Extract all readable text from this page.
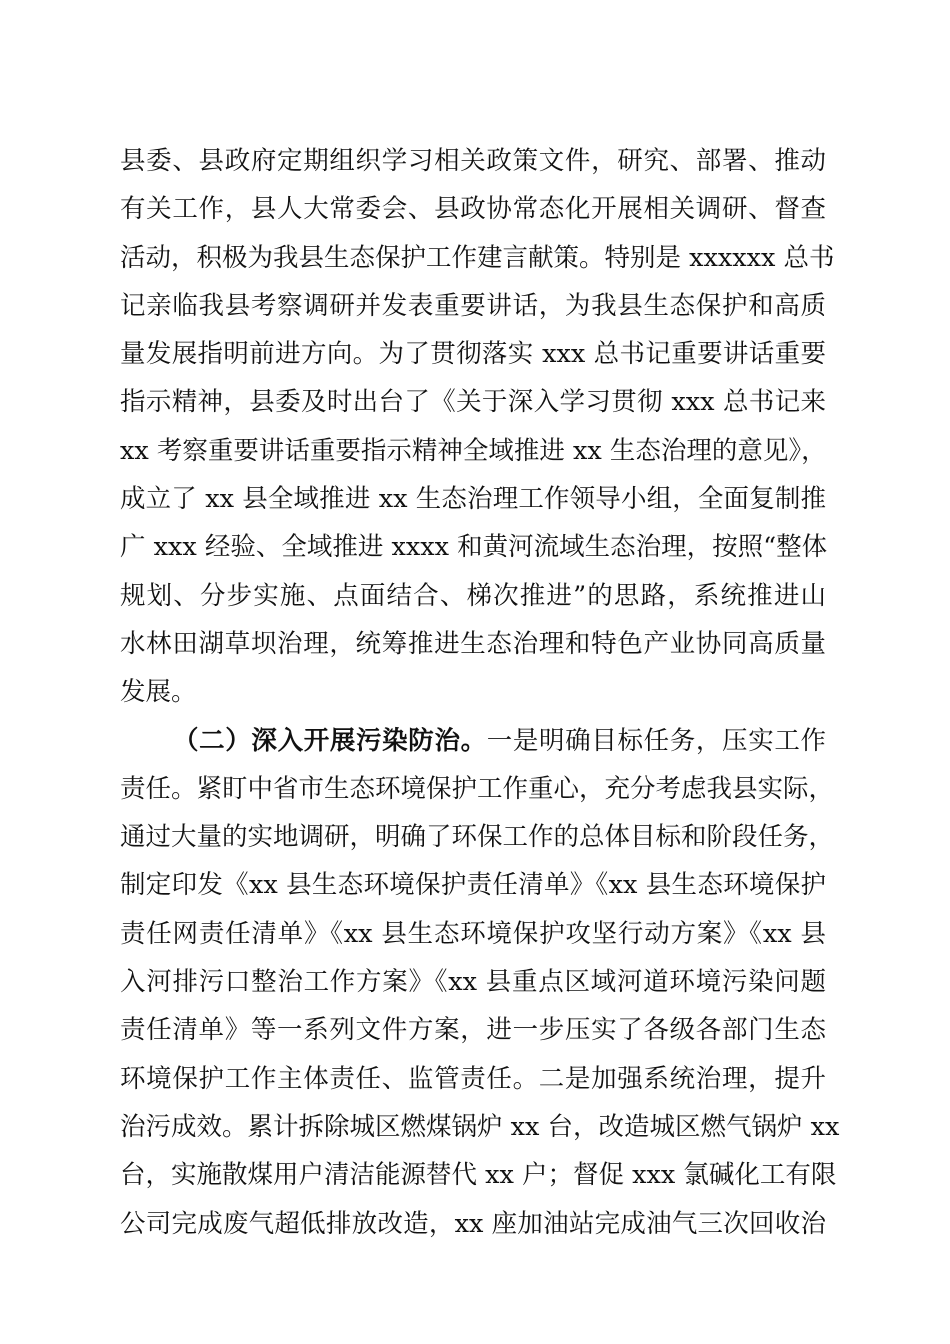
县委、县政府定期组织学习相关政策文件，研究、部署、推动
有关工作，县人大常委会、县政协常态化开展相关调研、督查
活动，积极为我县生态保护工作建言献策。特别是 xxxxxx 总书
记亲临我县考察调研并发表重要讲话，为我县生态保护和高质
量发展指明前进方向。为了贯彻落实 xxx 总书记重要讲话重要
指示精神，县委及时出台了《关于深入学习贯彻 xxx 总书记来
xx 考察重要讲话重要指示精神全域推进 xx 生态治理的意见》，
成立了 xx 县全域推进 xx 生态治理工作领导小组，全面复制推
广 xxx 经验、全域推进 xxxx 和黄河流域生态治理，按照“整体
规划、分步实施、点面结合、梯次推进”的思路，系统推进山
水林田湖草坝治理，统筹推进生态治理和特色产业协同高质量
发展。
（二）深入开展污染防治。一是明确目标任务，压实工作
责任。紧盯中省市生态环境保护工作重心，充分考虑我县实际，
通过大量的实地调研，明确了环保工作的总体目标和阶段任务，
制定印发《xx 县生态环境保护责任清单》《xx 县生态环境保护
责任网责任清单》《xx 县生态环境保护攻坚行动方案》《xx 县
入河排污口整治工作方案》《xx 县重点区域河道环境污染问题
责任清单》等一系列文件方案，进一步压实了各级各部门生态
环境保护工作主体责任、监管责任。二是加强系统治理，提升
治污成效。累计拆除城区燃煤锅炉 xx 台，改造城区燃气锅炉 xx
台，实施散煤用户清洁能源替代 xx 户；督促 xxx 氯碱化工有限
公司完成废气超低排放改造，xx 座加油站完成油气三次回收治
